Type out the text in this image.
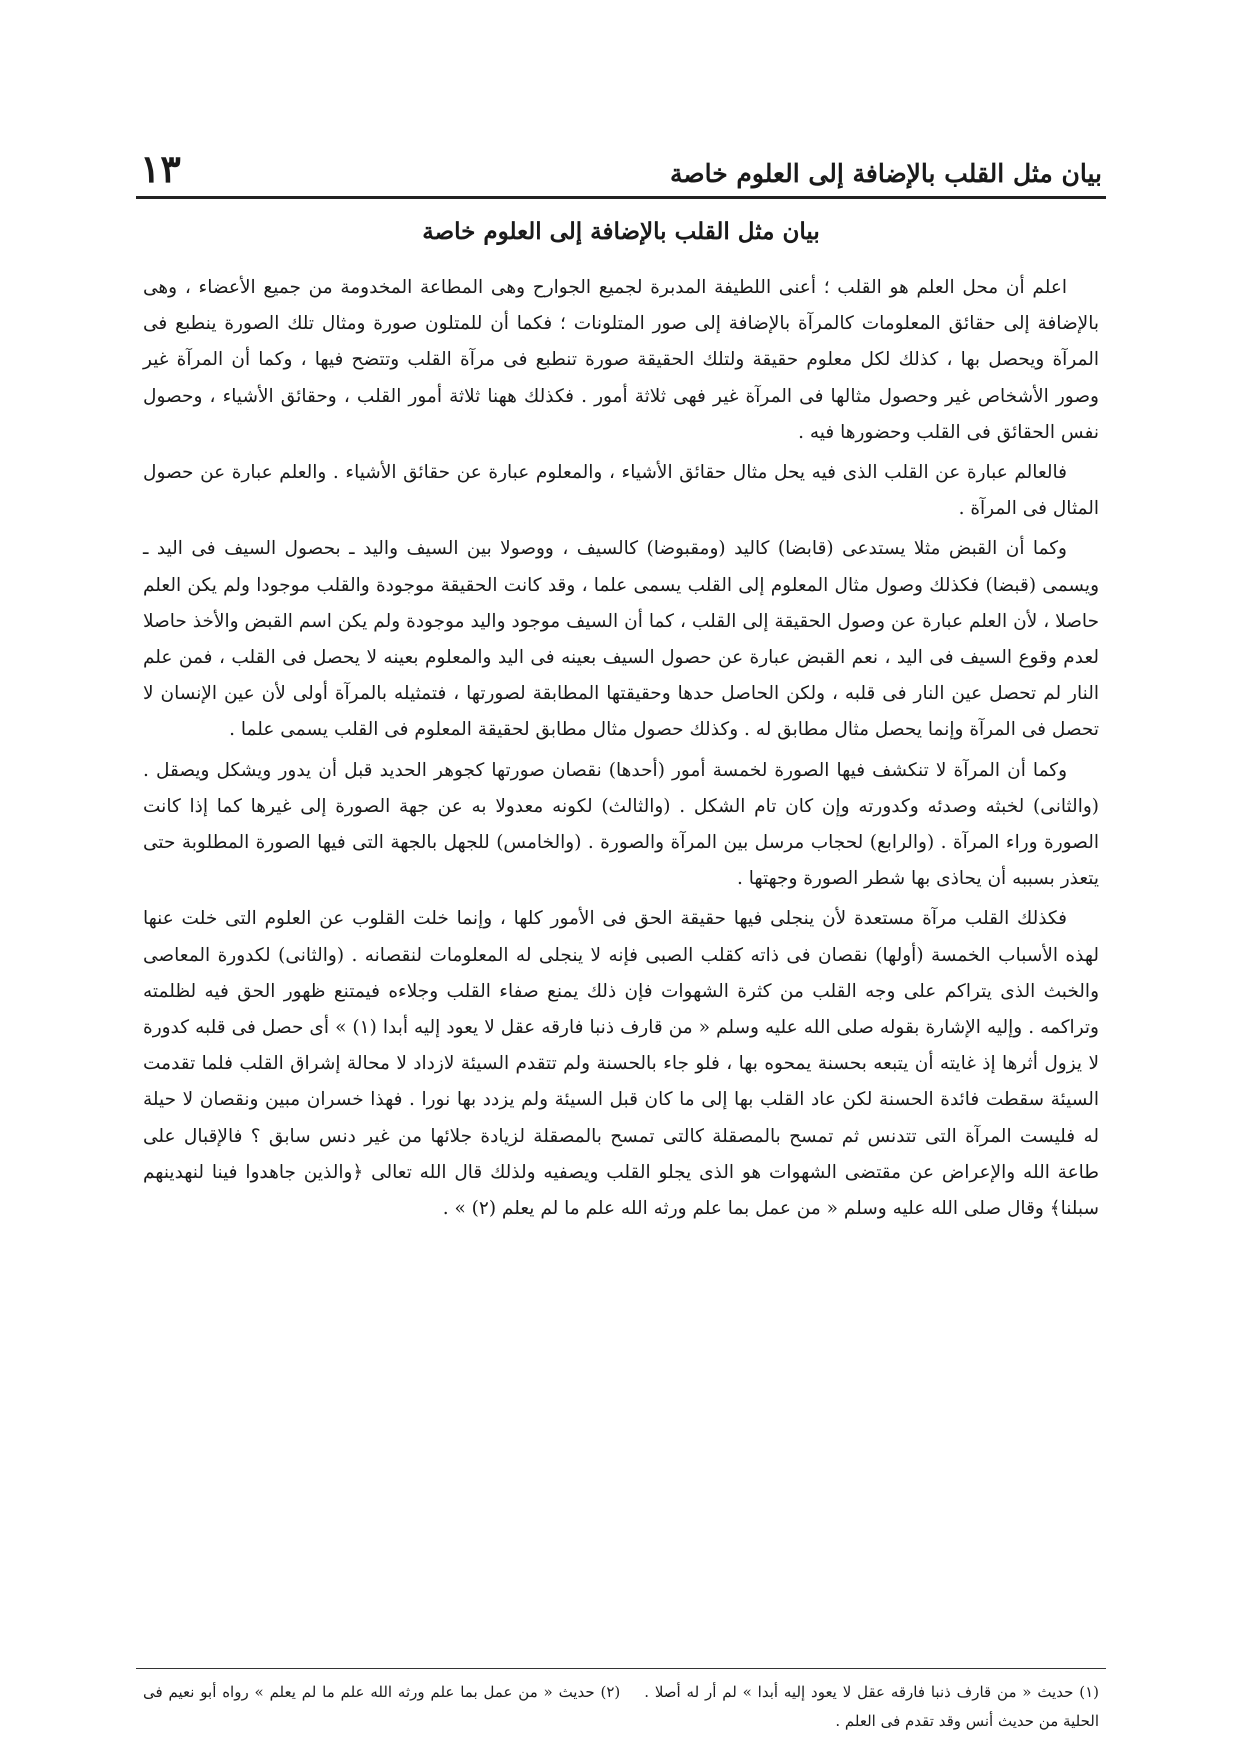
بيان مثل القلب بالإضافة إلى العلوم خاصة
١٣
بيان مثل القلب بالإضافة إلى العلوم خاصة

اعلم أن محل العلم هو القلب ؛ أعنى اللطيفة المدبرة لجميع الجوارح وهى المطاعة المخدومة من جميع الأعضاء ، وهى بالإضافة إلى حقائق المعلومات كالمرآة بالإضافة إلى صور المتلونات ؛ فكما أن للمتلون صورة ومثال تلك الصورة ينطبع فى المرآة ويحصل بها ، كذلك لكل معلوم حقيقة ولتلك الحقيقة صورة تنطبع فى مرآة القلب وتتضح فيها ، وكما أن المرآة غير وصور الأشخاص غير وحصول مثالها فى المرآة غير فهى ثلاثة أمور . فكذلك ههنا ثلاثة أمور القلب ، وحقائق الأشياء ، وحصول نفس الحقائق فى القلب وحضورها فيه .

فالعالم عبارة عن القلب الذى فيه يحل مثال حقائق الأشياء ، والمعلوم عبارة عن حقائق الأشياء . والعلم عبارة عن حصول المثال فى المرآة .

وكما أن القبض مثلا يستدعى (قابضا) كاليد (ومقبوضا) كالسيف ، ووصولا بين السيف واليد ـ بحصول السيف فى اليد ـ ويسمى (قبضا) فكذلك وصول مثال المعلوم إلى القلب يسمى علما ، وقد كانت الحقيقة موجودة والقلب موجودا ولم يكن العلم حاصلا ، لأن العلم عبارة عن وصول الحقيقة إلى القلب ، كما أن السيف موجود واليد موجودة ولم يكن اسم القبض والأخذ حاصلا لعدم وقوع السيف فى اليد ، نعم القبض عبارة عن حصول السيف بعينه فى اليد والمعلوم بعينه لا يحصل فى القلب ، فمن علم النار لم تحصل عين النار فى قلبه ، ولكن الحاصل حدها وحقيقتها المطابقة لصورتها ، فتمثيله بالمرآة أولى لأن عين الإنسان لا تحصل فى المرآة وإنما يحصل مثال مطابق له . وكذلك حصول مثال مطابق لحقيقة المعلوم فى القلب يسمى علما .

وكما أن المرآة لا تنكشف فيها الصورة لخمسة أمور (أحدها) نقصان صورتها كجوهر الحديد قبل أن يدور ويشكل ويصقل . (والثانى) لخبثه وصدئه وكدورته وإن كان تام الشكل . (والثالث) لكونه معدولا به عن جهة الصورة إلى غيرها كما إذا كانت الصورة وراء المرآة . (والرابع) لحجاب مرسل بين المرآة والصورة . (والخامس) للجهل بالجهة التى فيها الصورة المطلوبة حتى يتعذر بسببه أن يحاذى بها شطر الصورة وجهتها .

فكذلك القلب مرآة مستعدة لأن ينجلى فيها حقيقة الحق فى الأمور كلها ، وإنما خلت القلوب عن العلوم التى خلت عنها لهذه الأسباب الخمسة (أولها) نقصان فى ذاته كقلب الصبى فإنه لا ينجلى له المعلومات لنقصانه . (والثانى) لكدورة المعاصى والخبث الذى يتراكم على وجه القلب من كثرة الشهوات فإن ذلك يمنع صفاء القلب وجلاءه فيمتنع ظهور الحق فيه لظلمته وتراكمه . وإليه الإشارة بقوله صلى الله عليه وسلم « من قارف ذنبا فارقه عقل لا يعود إليه أبدا (١) » أى حصل فى قلبه كدورة لا يزول أثرها إذ غايته أن يتبعه بحسنة يمحوه بها ، فلو جاء بالحسنة ولم تتقدم السيئة لازداد لا محالة إشراق القلب فلما تقدمت السيئة سقطت فائدة الحسنة لكن عاد القلب بها إلى ما كان قبل السيئة ولم يزدد بها نورا . فهذا خسران مبين ونقصان لا حيلة له فليست المرآة التى تتدنس ثم تمسح بالمصقلة كالتى تمسح بالمصقلة لزيادة جلائها من غير دنس سابق ؟ فالإقبال على طاعة الله والإعراض عن مقتضى الشهوات هو الذى يجلو القلب ويصفيه ولذلك قال الله تعالى ﴿والذين جاهدوا فينا لنهدينهم سبلنا﴾ وقال صلى الله عليه وسلم « من عمل بما علم ورثه الله علم ما لم يعلم (٢) » .

(١) حديث « من قارف ذنبا فارقه عقل لا يعود إليه أبدا » لم أر له أصلا .(٢) حديث « من عمل بما علم ورثه الله علم ما لم يعلم » رواه أبو نعيم فى الحلية من حديث أنس وقد تقدم فى العلم .
